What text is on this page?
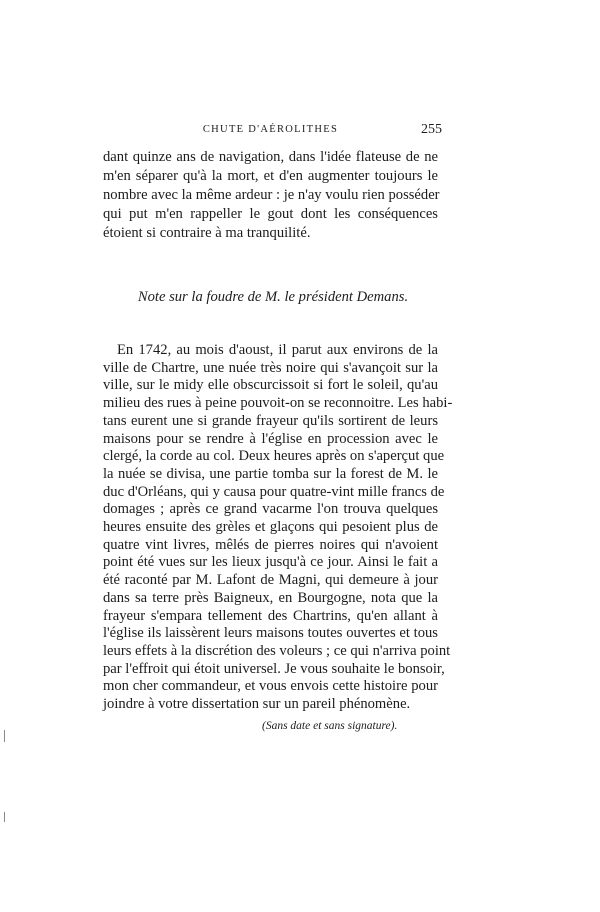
CHUTE D'AÉROLITHES	255
dant quinze ans de navigation, dans l'idée flateuse de ne
m'en séparer qu'à la mort, et d'en augmenter toujours le
nombre avec la même ardeur : je n'ay voulu rien posséder
qui put m'en rappeller le gout dont les conséquences
étoient si contraire à ma tranquilité.
Note sur la foudre de M. le président Demans.
En 1742, au mois d'aoust, il parut aux environs de la
ville de Chartre, une nuée très noire qui s'avançoit sur la
ville, sur le midy elle obscurcissoit si fort le soleil, qu'au
milieu des rues à peine pouvoit-on se reconnoitre. Les habi-
tans eurent une si grande frayeur qu'ils sortirent de leurs
maisons pour se rendre à l'église en procession avec le
clergé, la corde au col. Deux heures après on s'aperçut que
la nuée se divisa, une partie tomba sur la forest de M. le
duc d'Orléans, qui y causa pour quatre-vint mille francs de
domages ; après ce grand vacarme l'on trouva quelques
heures ensuite des grèles et glaçons qui pesoient plus de
quatre vint livres, mêlés de pierres noires qui n'avoient
point été vues sur les lieux jusqu'à ce jour. Ainsi le fait a
été raconté par M. Lafont de Magni, qui demeure à jour
dans sa terre près Baigneux, en Bourgogne, nota que la
frayeur s'empara tellement des Chartrins, qu'en allant à
l'église ils laissèrent leurs maisons toutes ouvertes et tous
leurs effets à la discrétion des voleurs ; ce qui n'arriva point
par l'effroit qui étoit universel. Je vous souhaite le bonsoir,
mon cher commandeur, et vous envois cette histoire pour
joindre à votre dissertation sur un pareil phénomène.
(Sans date et sans signature).
